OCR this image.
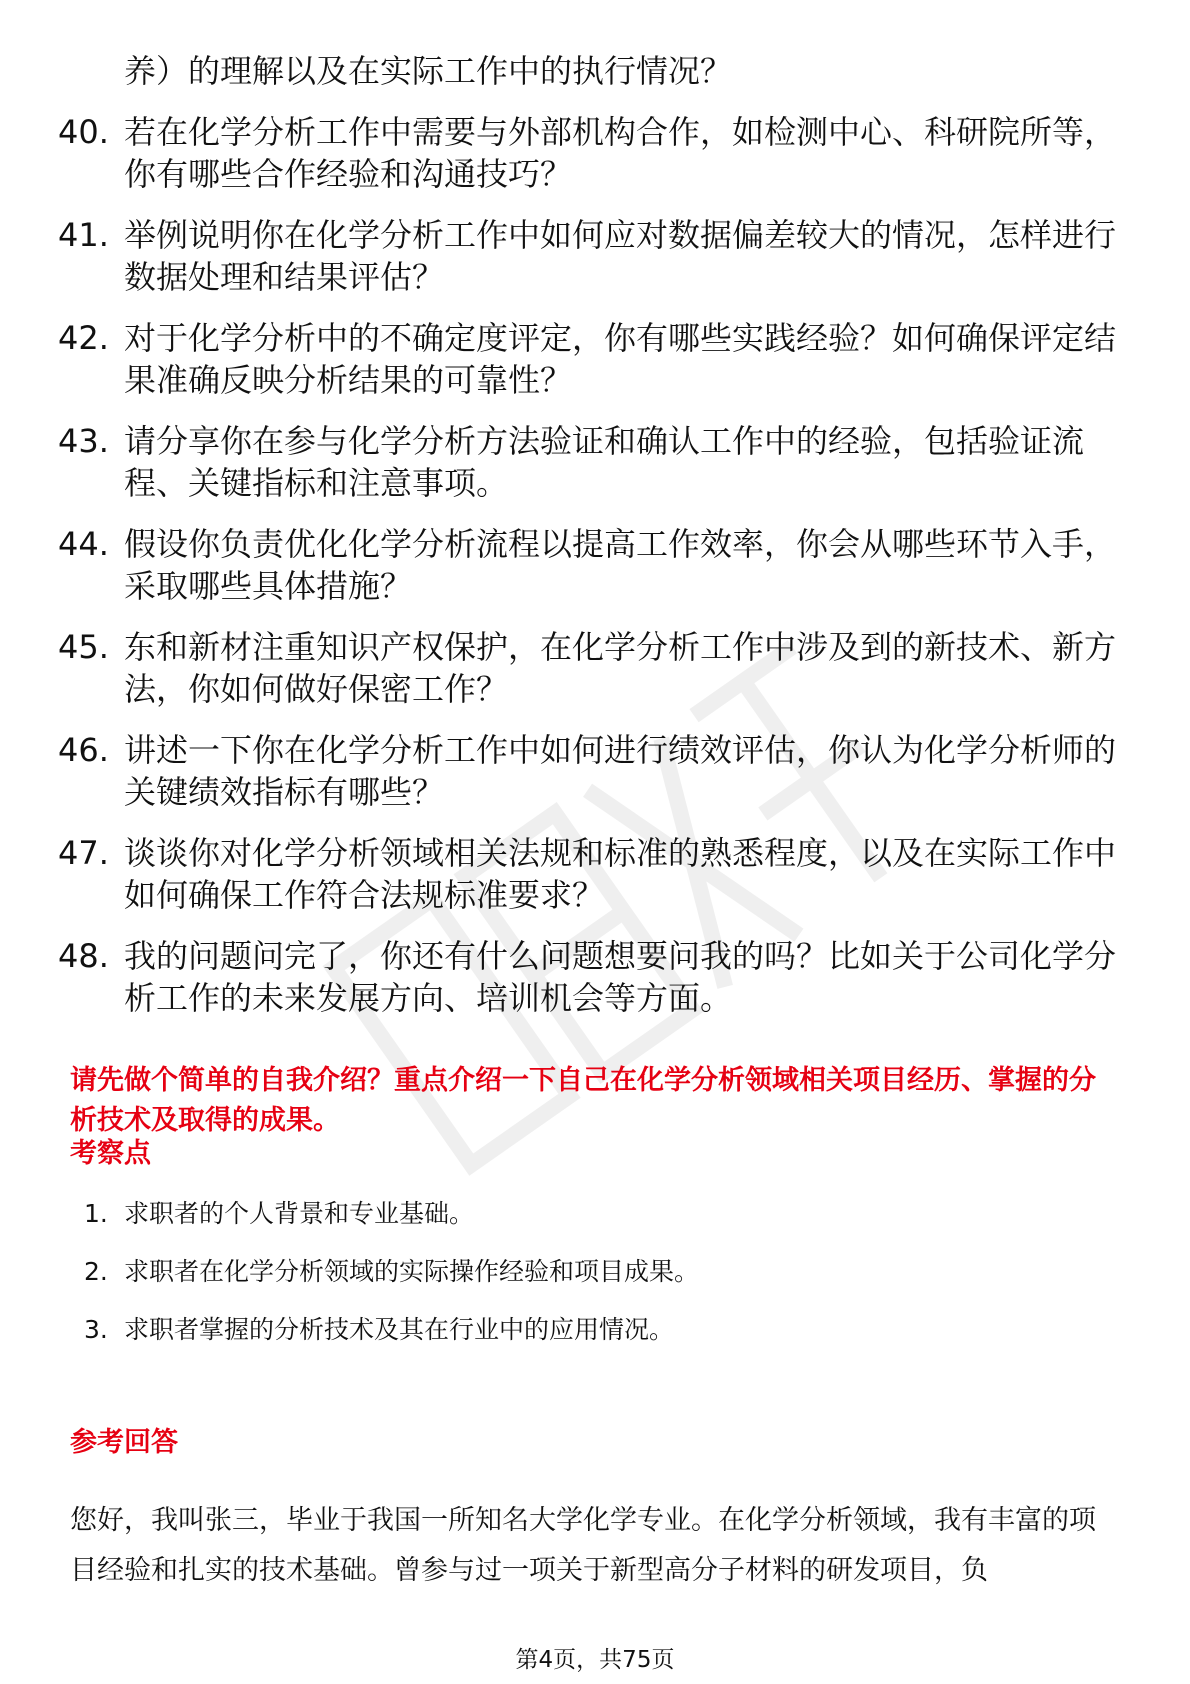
养）的理解以及在实际工作中的执行情况？
40. 若在化学分析工作中需要与外部机构合作，如检测中心、科研院所等，你有哪些合作经验和沟通技巧？
41. 举例说明你在化学分析工作中如何应对数据偏差较大的情况，怎样进行数据处理和结果评估？
42. 对于化学分析中的不确定度评定，你有哪些实践经验？如何确保评定结果准确反映分析结果的可靠性？
43. 请分享你在参与化学分析方法验证和确认工作中的经验，包括验证流程、关键指标和注意事项。
44. 假设你负责优化化学分析流程以提高工作效率，你会从哪些环节入手，采取哪些具体措施？
45. 东和新材注重知识产权保护，在化学分析工作中涉及到的新技术、新方法，你如何做好保密工作？
46. 讲述一下你在化学分析工作中如何进行绩效评估，你认为化学分析师的关键绩效指标有哪些？
47. 谈谈你对化学分析领域相关法规和标准的熟悉程度，以及在实际工作中如何确保工作符合法规标准要求？
48. 我的问题问完了，你还有什么问题想要问我的吗？比如关于公司化学分析工作的未来发展方向、培训机会等方面。
请先做个简单的自我介绍？重点介绍一下自己在化学分析领域相关项目经历、掌握的分析技术及取得的成果。
考察点
1. 求职者的个人背景和专业基础。
2. 求职者在化学分析领域的实际操作经验和项目成果。
3. 求职者掌握的分析技术及其在行业中的应用情况。
参考回答
您好，我叫张三，毕业于我国一所知名大学化学专业。在化学分析领域，我有丰富的项目经验和扎实的技术基础。曾参与过一项关于新型高分子材料的研发项目，负
第4页，共75页
